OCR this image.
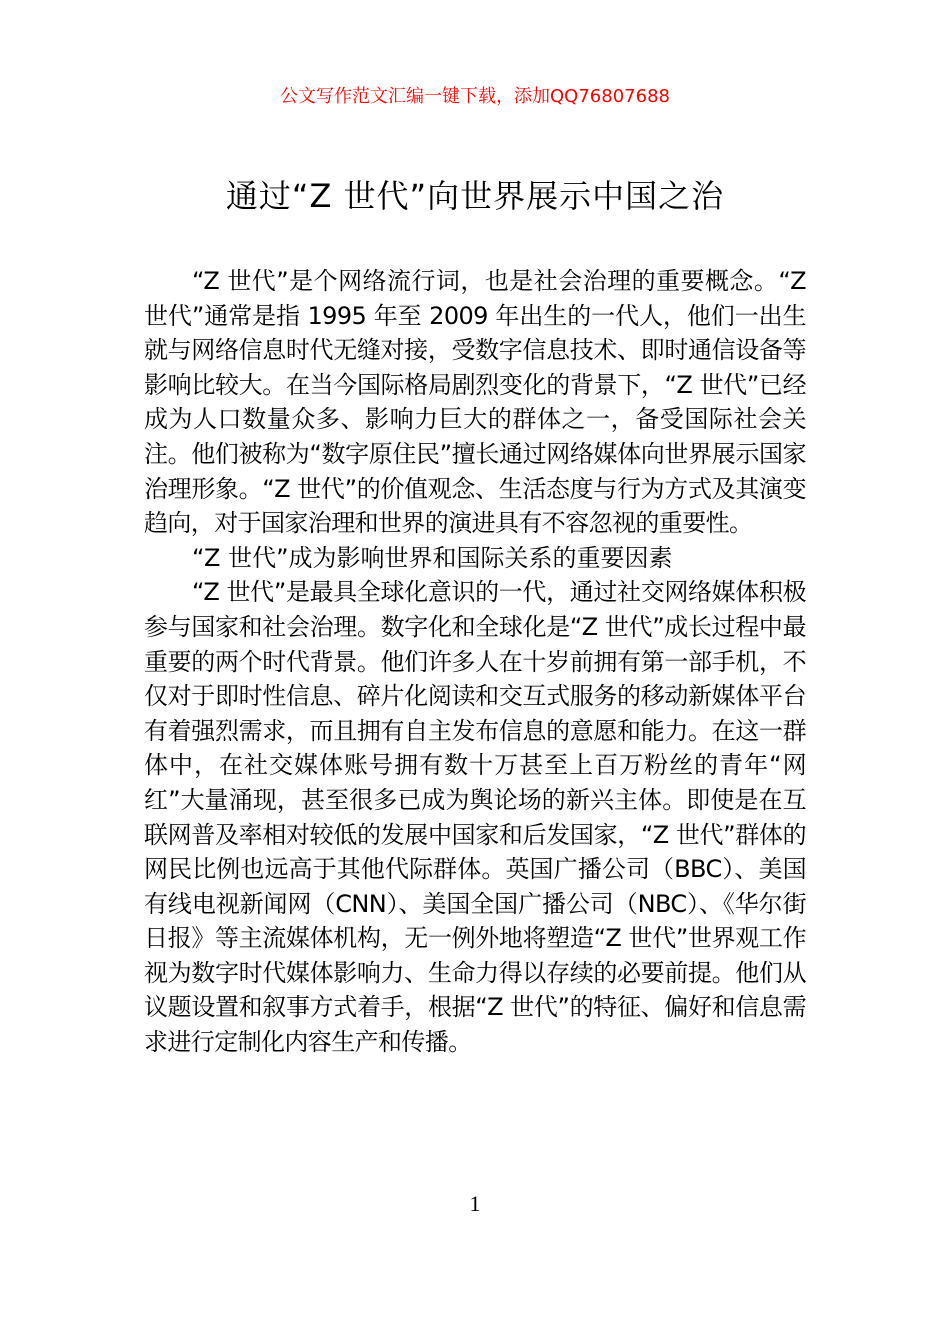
公文写作范文汇编一键下载，添加QQ76807688
通过“Z 世代”向世界展示中国之治

“Z 世代”是个网络流行词，也是社会治理的重要概念。“Z 世代”通常是指 1995 年至 2009 年出生的一代人，他们一出生就与网络信息时代无缝对接，受数字信息技术、即时通信设备等影响比较大。在当今国际格局剧烈变化的背景下，“Z 世代”已经成为人口数量众多、影响力巨大的群体之一，备受国际社会关注。他们被称为“数字原住民”擅长通过网络媒体向世界展示国家治理形象。“Z 世代”的价值观念、生活态度与行为方式及其演变趋向，对于国家治理和世界的演进具有不容忽视的重要性。

“Z 世代”成为影响世界和国际关系的重要因素

“Z 世代”是最具全球化意识的一代，通过社交网络媒体积极参与国家和社会治理。数字化和全球化是“Z 世代”成长过程中最重要的两个时代背景。他们许多人在十岁前拥有第一部手机，不仅对于即时性信息、碎片化阅读和交互式服务的移动新媒体平台有着强烈需求，而且拥有自主发布信息的意愿和能力。在这一群体中，在社交媒体账号拥有数十万甚至上百万粉丝的青年“网红”大量涌现，甚至很多已成为舆论场的新兴主体。即使是在互联网普及率相对较低的发展中国家和后发国家，“Z 世代”群体的网民比例也远高于其他代际群体。英国广播公司（BBC）、美国有线电视新闻网（CNN）、美国全国广播公司（NBC）、《华尔街日报》等主流媒体机构，无一例外地将塑造“Z 世代”世界观工作视为数字时代媒体影响力、生命力得以存续的必要前提。他们从议题设置和叙事方式着手，根据“Z 世代”的特征、偏好和信息需求进行定制化内容生产和传播。

1
